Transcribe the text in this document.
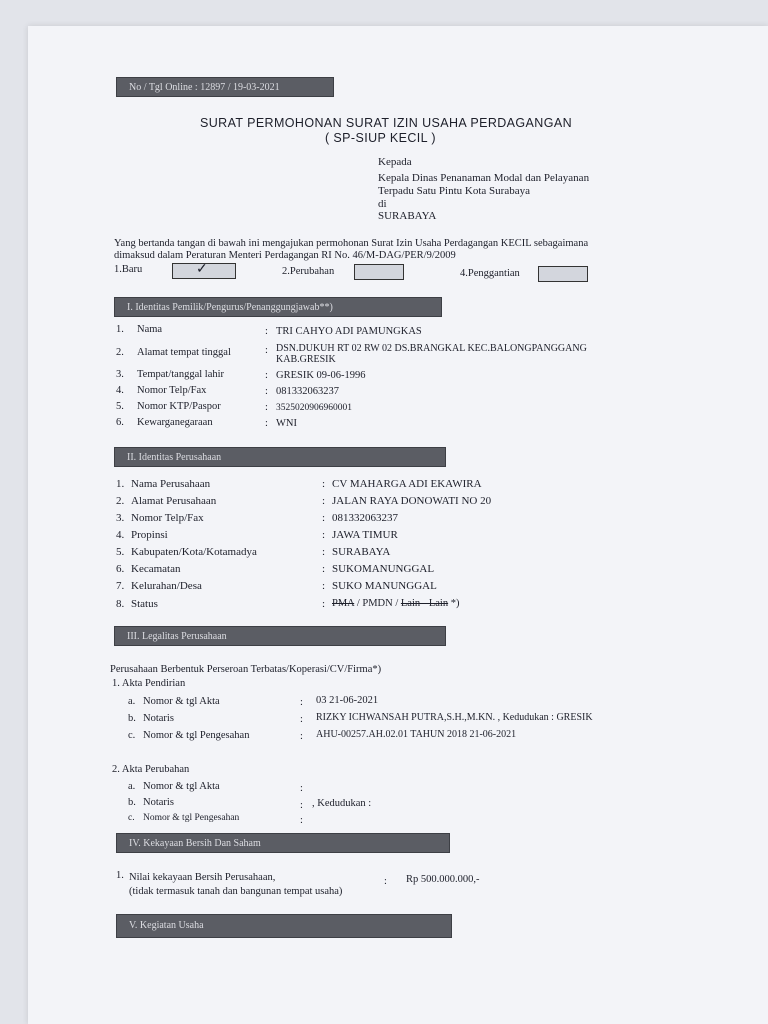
No / Tgl Online : 12897 / 19-03-2021
SURAT PERMOHONAN SURAT IZIN USAHA PERDAGANGAN
( SP-SIUP KECIL )
Kepada
Kepala Dinas Penanaman Modal dan Pelayanan
Terpadu Satu Pintu Kota Surabaya
di
SURABAYA
Yang bertanda tangan di bawah ini mengajukan permohonan Surat Izin Usaha Perdagangan KECIL sebagaimana
dimaksud dalam Peraturan Menteri Perdagangan RI No. 46/M-DAG/PER/9/2009
1.Baru	✓	2.Perubahan	4.Penggantian
I. Identitas Pemilik/Pengurus/Penanggungjawab**)
1. Nama	: TRI CAHYO ADI PAMUNGKAS
2. Alamat tempat tinggal	: DSN.DUKUH RT 02 RW 02 DS.BRANGKAL KEC.BALONGPANGGANG
KAB.GRESIK
3. Tempat/tanggal lahir	: GRESIK 09-06-1996
4. Nomor Telp/Fax	: 081332063237
5. Nomor KTP/Paspor	: 3525020906960001
6. Kewarganegaraan	: WNI
II. Identitas Perusahaan
1. Nama Perusahaan	: CV MAHARGA ADI EKAWIRA
2. Alamat Perusahaan	: JALAN RAYA DONOWATI NO 20
3. Nomor Telp/Fax	: 081332063237
4. Propinsi	: JAWA TIMUR
5. Kabupaten/Kota/Kotamadya	: SURABAYA
6. Kecamatan	: SUKOMANUNGGAL
7. Kelurahan/Desa	: SUKO MANUNGGAL
8. Status	: PMA / PMDN / Lain - Lain *)
III. Legalitas Perusahaan
Perusahaan Berbentuk Perseroan Terbatas/Koperasi/CV/Firma*)
1. Akta Pendirian
a. Nomor & tgl Akta	: 03 21-06-2021
b. Notaris	: RIZKY ICHWANSAH PUTRA,S.H.,M.KN. , Kedudukan : GRESIK
c. Nomor & tgl Pengesahan	: AHU-00257.AH.02.01 TAHUN 2018 21-06-2021
2. Akta Perubahan
a. Nomor & tgl Akta	:
b. Notaris	: , Kedudukan :
c. Nomor & tgl Pengesahan	:
IV. Kekayaan Bersih Dan Saham
1. Nilai kekayaan Bersih Perusahaan,
(tidak termasuk tanah dan bangunan tempat usaha)
: Rp 500.000.000,-
V. Kegiatan Usaha
